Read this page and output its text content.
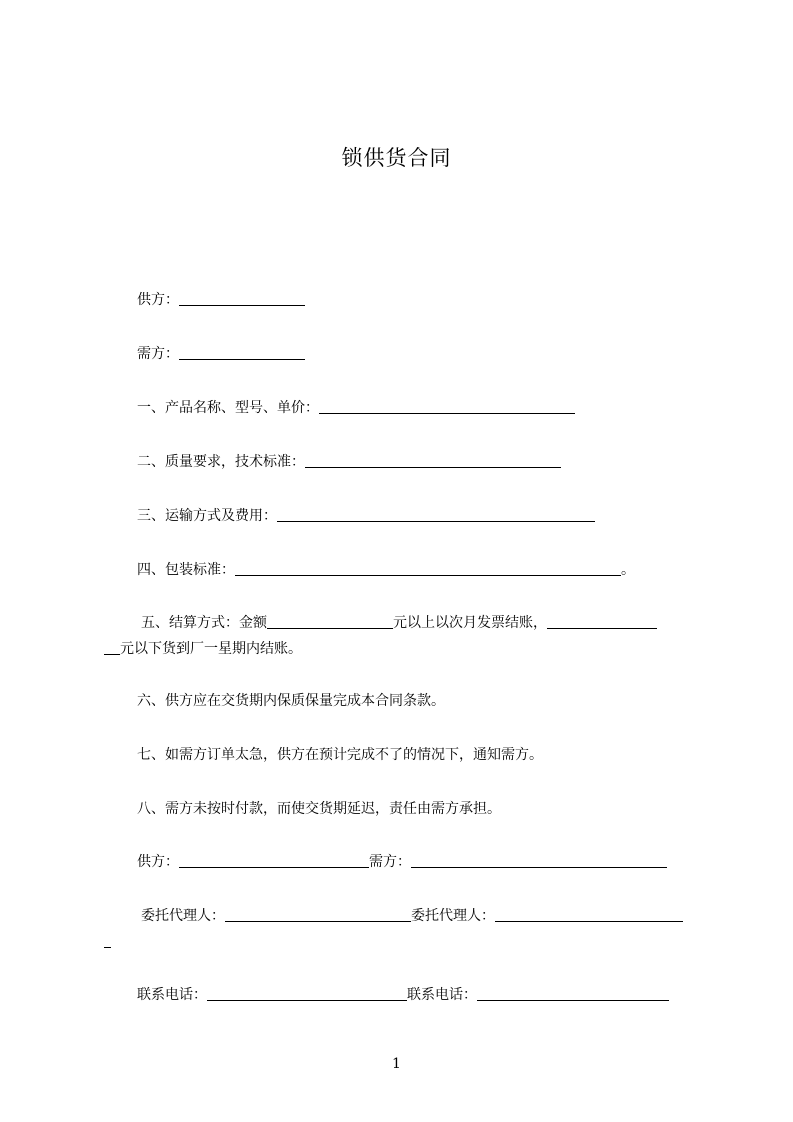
锁供货合同
供方：
需方：
一、产品名称、型号、单价：
二、质量要求，技术标准：
三、运输方式及费用：
四、包装标准：	。
五、结算方式：金额	元以上以次月发票结账，
元以下货到厂一星期内结账。
六、供方应在交货期内保质保量完成本合同条款。
七、如需方订单太急，供方在预计完成不了的情况下，通知需方。
八、需方未按时付款，而使交货期延迟，责任由需方承担。
供方：	需方：
委托代理人：	委托代理人：
联系电话：	联系电话：
1
